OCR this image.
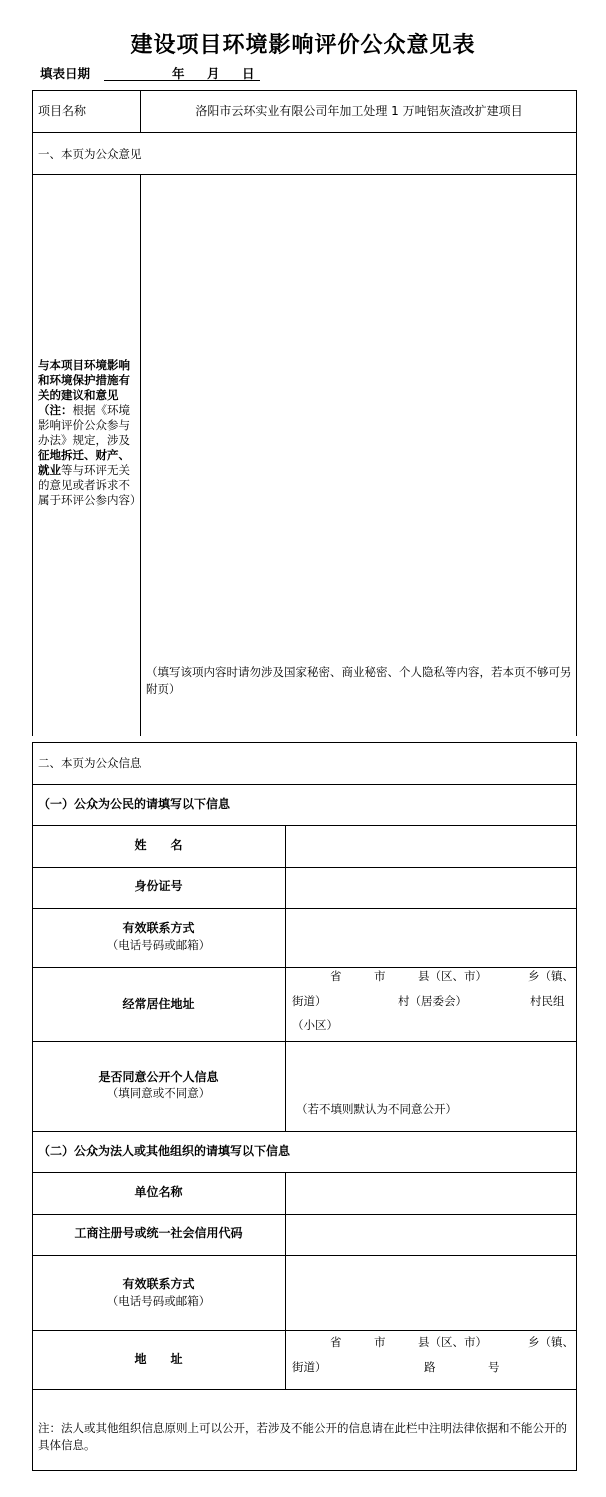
建设项目环境影响评价公众意见表
填表日期	年 月 日
项目名称	洛阳市云环实业有限公司年加工处理 1 万吨铝灰渣改扩建项目
一、本页为公众意见
与本项目环境影响和环境保护措施有关的建议和意见（注：根据《环境影响评价公众参与办法》规定，涉及征地拆迁、财产、就业等与环评无关的意见或者诉求不属于环评公参内容）
（填写该项内容时请勿涉及国家秘密、商业秘密、个人隐私等内容，若本页不够可另附页）
二、本页为公众信息
（一）公众为公民的请填写以下信息
姓　　名
身份证号
有效联系方式
（电话号码或邮箱）
经常居住地址
省	市	县（区、市）	乡（镇、
街道）	村（居委会）	村民组
（小区）
是否同意公开个人信息
（填同意或不同意）
（若不填则默认为不同意公开）
（二）公众为法人或其他组织的请填写以下信息
单位名称
工商注册号或统一社会信用代码
有效联系方式
（电话号码或邮箱）
地　　址
省	市	县（区、市）	乡（镇、
街道）	路	号
注：法人或其他组织信息原则上可以公开，若涉及不能公开的信息请在此栏中注明法律依据和不能公开的具体信息。
